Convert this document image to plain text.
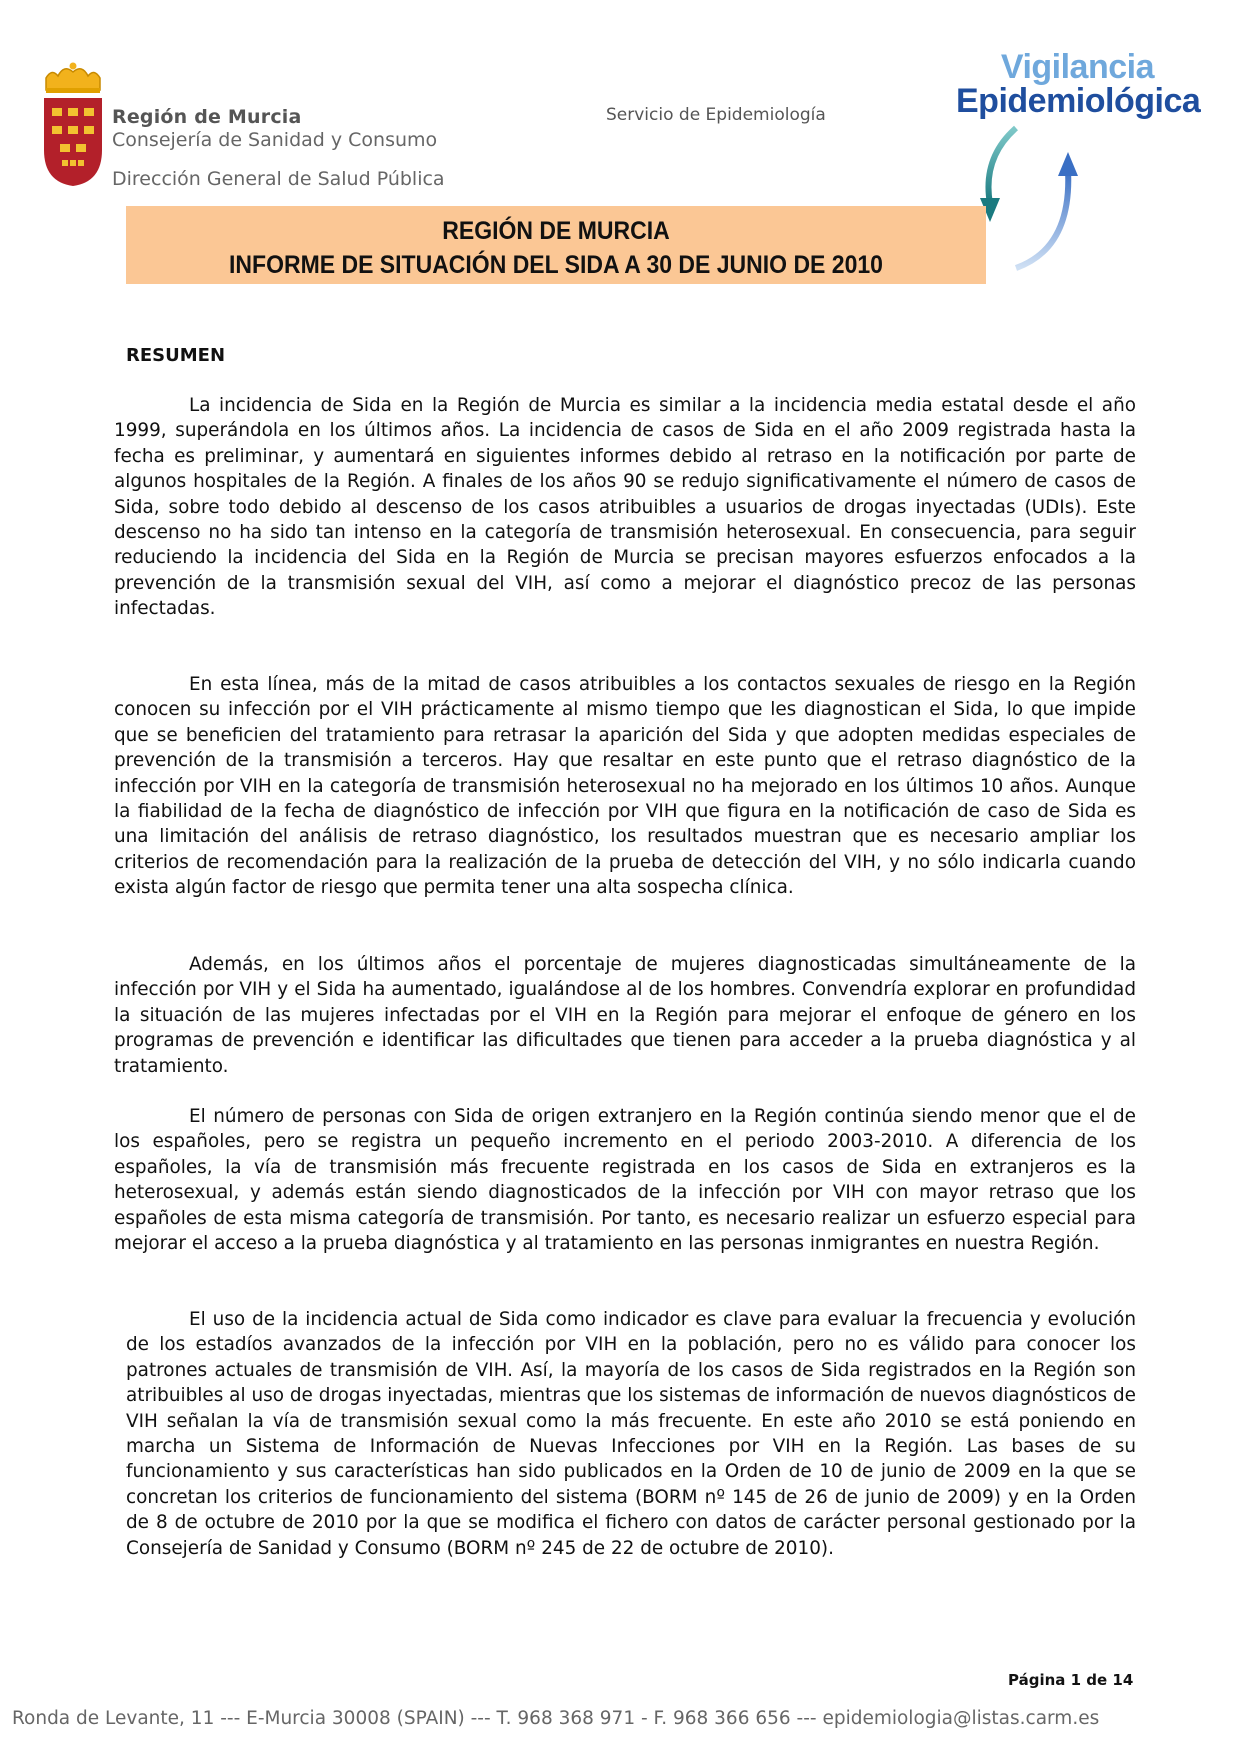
Región de Murcia
Consejería de Sanidad y Consumo
Dirección General de Salud Pública
Servicio de Epidemiología
Vigilancia
Epidemiológica
REGIÓN DE MURCIA
INFORME DE SITUACIÓN DEL SIDA A 30 DE JUNIO DE 2010
RESUMEN
La incidencia de Sida en la Región de Murcia es similar a la incidencia media estatal desde el año 1999, superándola en los últimos años. La incidencia de casos de Sida en el año 2009 registrada hasta la fecha es preliminar, y aumentará en siguientes informes debido al retraso en la notificación por parte de algunos hospitales de la Región. A finales de los años 90 se redujo significativamente el número de casos de Sida, sobre todo debido al descenso de los casos atribuibles a usuarios de drogas inyectadas (UDIs). Este descenso no ha sido tan intenso en la categoría de transmisión heterosexual. En consecuencia, para seguir reduciendo la incidencia del Sida en la Región de Murcia se precisan mayores esfuerzos enfocados a la prevención de la transmisión sexual del VIH, así como a mejorar el diagnóstico precoz de las personas infectadas.
En esta línea, más de la mitad de casos atribuibles a los contactos sexuales de riesgo en la Región conocen su infección por el VIH prácticamente al mismo tiempo que les diagnostican el Sida, lo que impide que se beneficien del tratamiento para retrasar la aparición del Sida y que adopten medidas especiales de prevención de la transmisión a terceros. Hay que resaltar en este punto que el retraso diagnóstico de la infección por VIH en la categoría de transmisión heterosexual no ha mejorado en los últimos 10 años. Aunque la fiabilidad de la fecha de diagnóstico de infección por VIH que figura en la notificación de caso de Sida es una limitación del análisis de retraso diagnóstico, los resultados muestran que es necesario ampliar los criterios de recomendación para la realización de la prueba de detección del VIH, y no sólo indicarla cuando exista algún factor de riesgo que permita tener una alta sospecha clínica.
Además, en los últimos años el porcentaje de mujeres diagnosticadas simultáneamente de la infección por VIH y el Sida ha aumentado, igualándose al de los hombres. Convendría explorar en profundidad la situación de las mujeres infectadas por el VIH en la Región para mejorar el enfoque de género en los programas de prevención e identificar las dificultades que tienen para acceder a la prueba diagnóstica y al tratamiento.
El número de personas con Sida de origen extranjero en la Región continúa siendo menor que el de los españoles, pero se registra un pequeño incremento en el periodo 2003-2010. A diferencia de los españoles, la vía de transmisión más frecuente registrada en los casos de Sida en extranjeros es la heterosexual, y además están siendo diagnosticados de la infección por VIH con mayor retraso que los españoles de esta misma categoría de transmisión. Por tanto, es necesario realizar un esfuerzo especial para mejorar el acceso a la prueba diagnóstica y al tratamiento en las personas inmigrantes en nuestra Región.
El uso de la incidencia actual de Sida como indicador es clave para evaluar la frecuencia y evolución de los estadíos avanzados de la infección por VIH en la población, pero no es válido para conocer los patrones actuales de transmisión de VIH. Así, la mayoría de los casos de Sida registrados en la Región son atribuibles al uso de drogas inyectadas, mientras que los sistemas de información de nuevos diagnósticos de VIH señalan la vía de transmisión sexual como la más frecuente. En este año 2010 se está poniendo en marcha un Sistema de Información de Nuevas Infecciones por VIH en la Región. Las bases de su funcionamiento y sus características han sido publicados en la Orden de 10 de junio de 2009 en la que se concretan los criterios de funcionamiento del sistema (BORM nº 145 de 26 de junio de 2009) y en la Orden de 8 de octubre de 2010 por la que se modifica el fichero con datos de carácter personal gestionado por la Consejería de Sanidad y Consumo (BORM nº 245 de 22 de octubre de 2010).
Página 1 de 14
Ronda de Levante, 11 --- E-Murcia 30008 (SPAIN) --- T. 968 368 971 - F. 968 366 656 --- epidemiologia@listas.carm.es
